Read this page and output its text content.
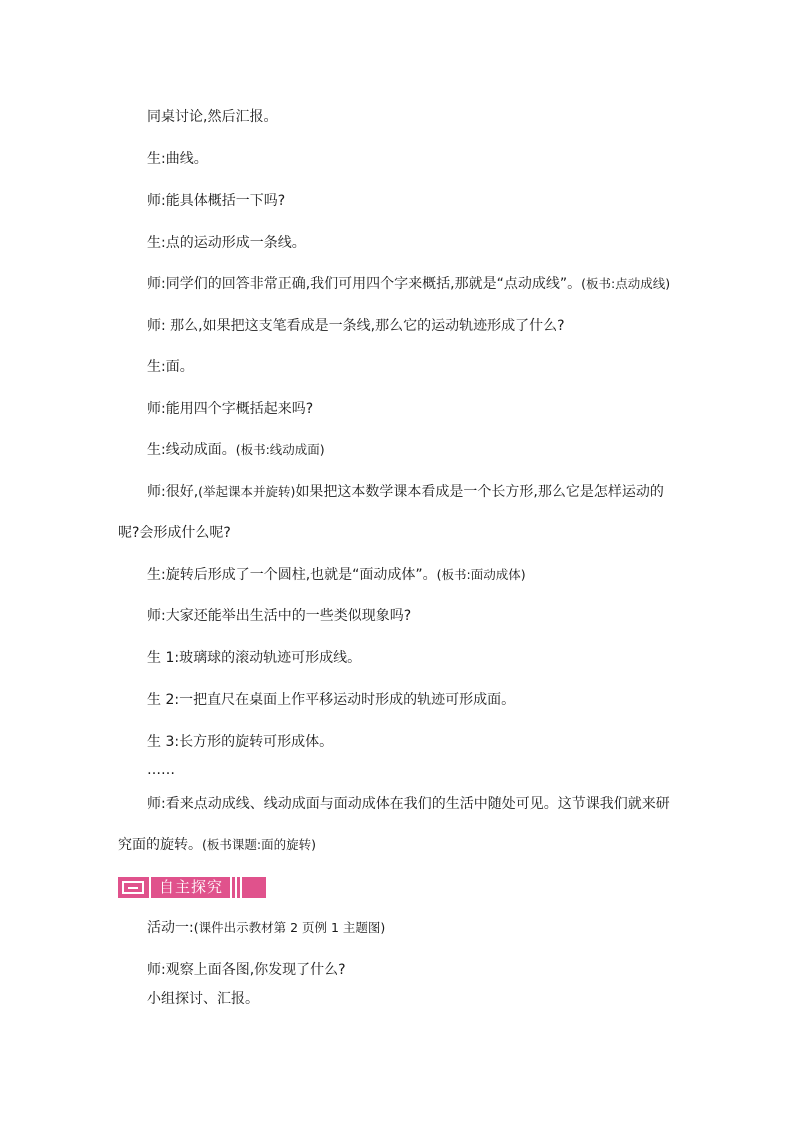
同桌讨论,然后汇报。
生:曲线。
师:能具体概括一下吗?
生:点的运动形成一条线。
师:同学们的回答非常正确,我们可用四个字来概括,那就是“点动成线”。(板书:点动成线)
师: 那么,如果把这支笔看成是一条线,那么它的运动轨迹形成了什么?
生:面。
师:能用四个字概括起来吗?
生:线动成面。(板书:线动成面)
师:很好,(举起课本并旋转)如果把这本数学课本看成是一个长方形,那么它是怎样运动的
呢?会形成什么呢?
生:旋转后形成了一个圆柱,也就是“面动成体”。(板书:面动成体)
师:大家还能举出生活中的一些类似现象吗?
生 1:玻璃球的滚动轨迹可形成线。
生 2:一把直尺在桌面上作平移运动时形成的轨迹可形成面。
生 3:长方形的旋转可形成体。
……
师:看来点动成线、线动成面与面动成体在我们的生活中随处可见。这节课我们就来研
究面的旋转。(板书课题:面的旋转)
自主探究
活动一:(课件出示教材第 2 页例 1 主题图)
师:观察上面各图,你发现了什么?
小组探讨、汇报。
